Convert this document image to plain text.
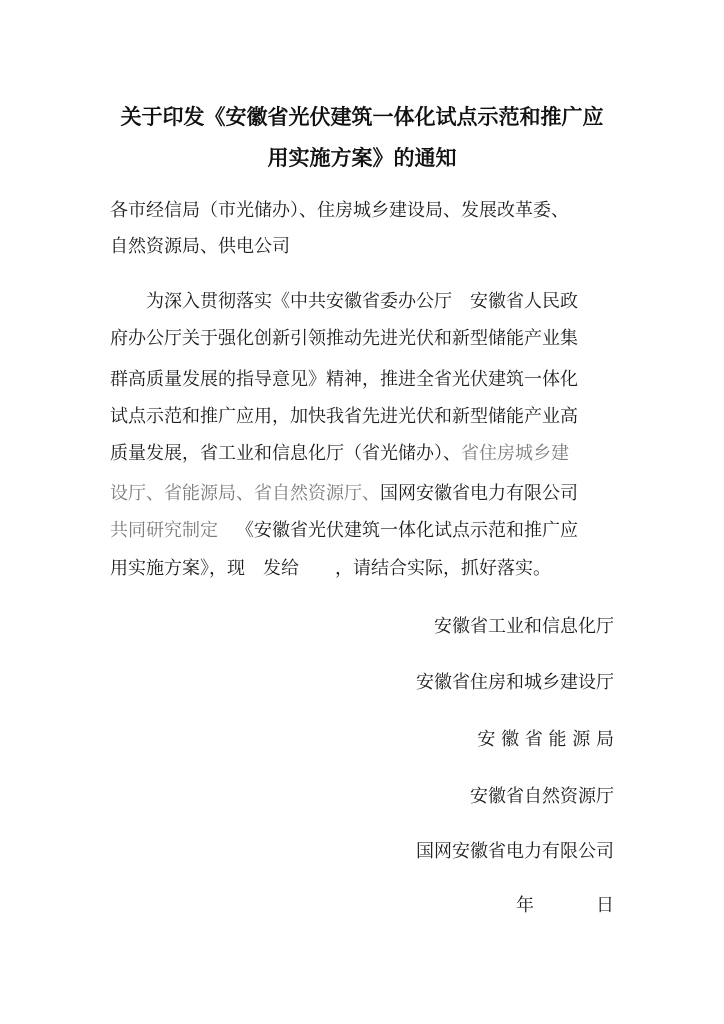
关于印发《安徽省光伏建筑一体化试点示范和推广应
用实施方案》的通知
各市经信局（市光储办）、住房城乡建设局、发展改革委、
自然资源局、供电公司
为深入贯彻落实《中共安徽省委办公厅　安徽省人民政
府办公厅关于强化创新引领推动先进光伏和新型储能产业集
群高质量发展的指导意见》精神，推进全省光伏建筑一体化
试点示范和推广应用，加快我省先进光伏和新型储能产业高
质量发展，省工业和信息化厅（省光储办）、省住房城乡建
设厅、省能源局、省自然资源厅、国网安徽省电力有限公司
共同研究制定 《安徽省光伏建筑一体化试点示范和推广应
用实施方案》，现　发给　　，请结合实际，抓好落实。
安徽省工业和信息化厅
安徽省住房和城乡建设厅
安 徽 省 能 源 局
安徽省自然资源厅
国网安徽省电力有限公司
年	日
